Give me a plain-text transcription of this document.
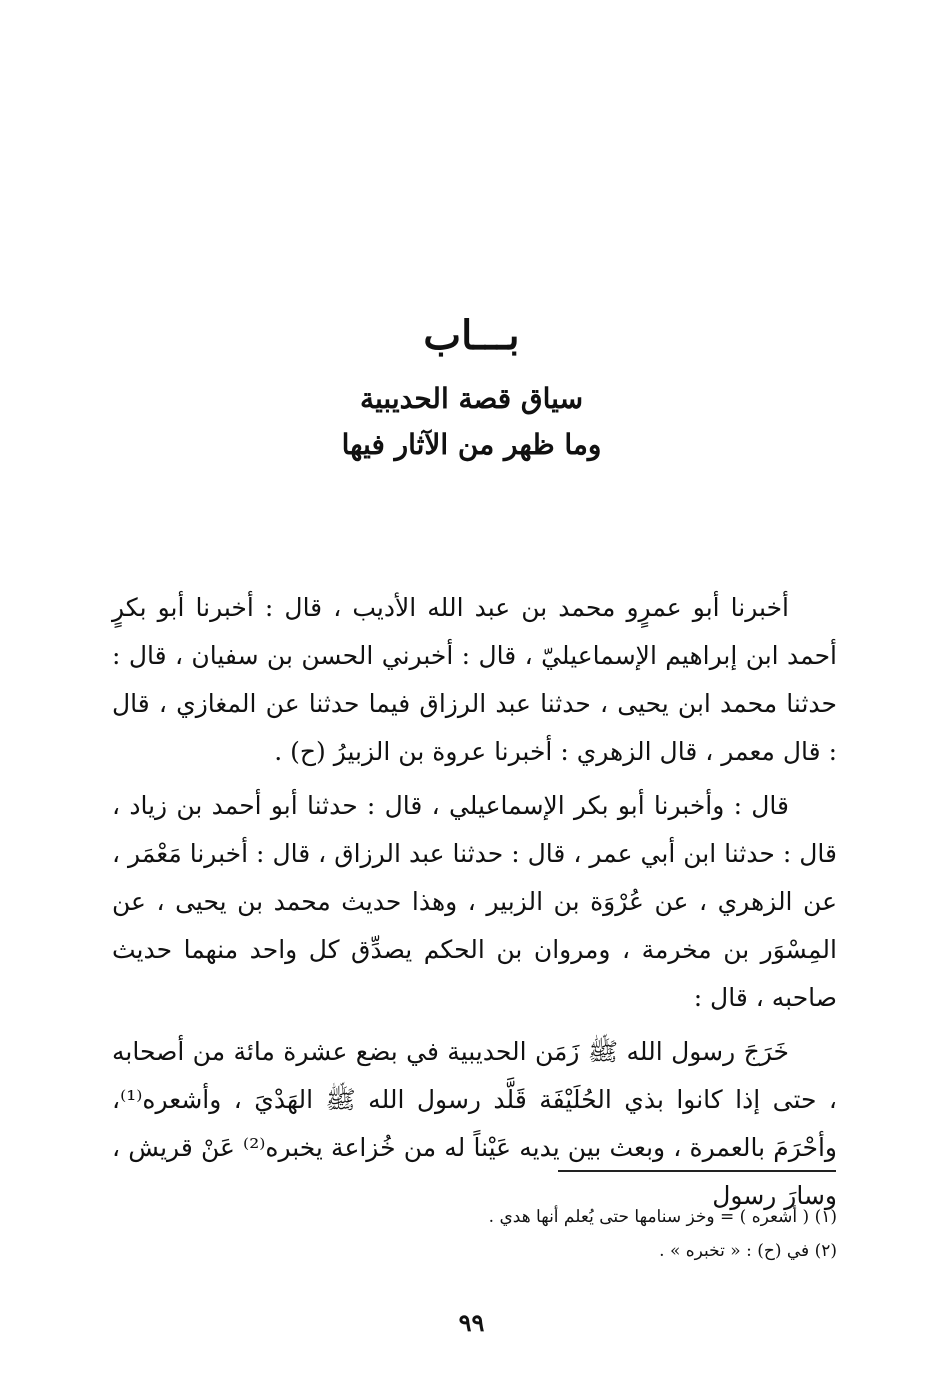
بـــاب
سياق قصة الحديبية
وما ظهر من الآثار فيها

أخبرنا أبو عمرٍو محمد بن عبد الله الأديب ، قال : أخبرنا أبو بكرٍ أحمد ابن إبراهيم الإسماعيليّ ، قال : أخبرني الحسن بن سفيان ، قال : حدثنا محمد ابن يحيى ، حدثنا عبد الرزاق فيما حدثنا عن المغازي ، قال : قال معمر ، قال الزهري : أخبرنا عروة بن الزبيرُ (ح) .

قال : وأخبرنا أبو بكر الإسماعيلي ، قال : حدثنا أبو أحمد بن زياد ، قال : حدثنا ابن أبي عمر ، قال : حدثنا عبد الرزاق ، قال : أخبرنا مَعْمَر ، عن الزهري ، عن عُرْوَة بن الزبير ، وهذا حديث محمد بن يحيى ، عن المِسْوَر بن مخرمة ، ومروان بن الحكم يصدِّق كل واحد منهما حديث صاحبه ، قال :

خَرَجَ رسول الله ﷺ زَمَن الحديبية في بضع عشرة مائة من أصحابه ، حتى إذا كانوا بذي الحُلَيْفَة قَلَّد رسول الله ﷺ الهَدْيَ ، وأشعره⁽¹⁾، وأحْرَمَ بالعمرة ، وبعث بين يديه عَيْناً له من خُزاعة يخبره⁽²⁾ عَنْ قريش ، وسارَ رسول

(١) ( أشعره ) = وخز سنامها حتى يُعلم أنها هدي .

(٢) في (ح) : « تخبره » .

٩٩
